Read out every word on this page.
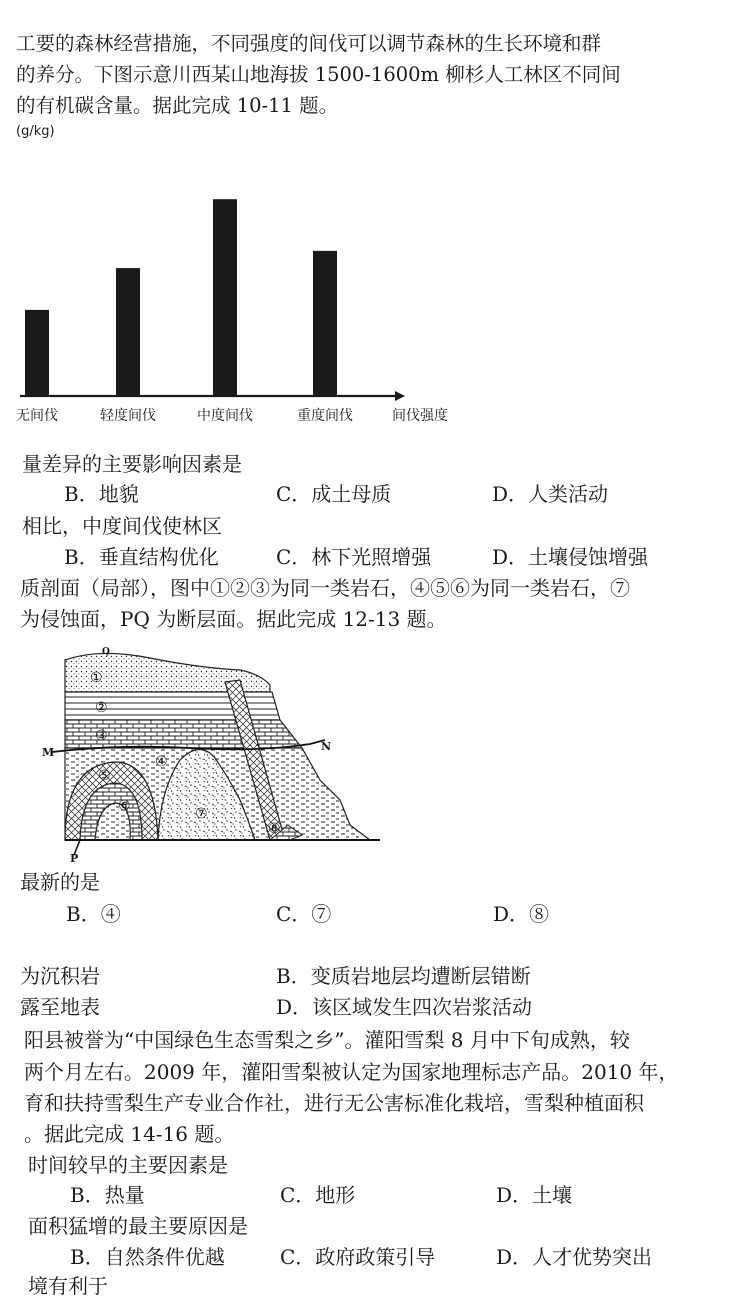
工要的森林经营措施，不同强度的间伐可以调节森林的生长环境和群
的养分。下图示意川西某山地海拔 1500-1600m 柳杉人工林区不同间
的有机碳含量。据此完成 10-11 题。
无间伐	轻度间伐	中度间伐	重度间伐	间伐强度
(g/kg)
量差异的主要影响因素是
B．地貌	C．成土母质	D．人类活动
相比，中度间伐使林区
B．垂直结构优化	C．林下光照增强	D．土壤侵蚀增强
质剖面（局部），图中①②③为同一类岩石，④⑤⑥为同一类岩石，⑦
为侵蚀面，PQ 为断层面。据此完成 12-13 题。
M	N
P
Q
①
②
③
④
⑤
⑥	⑦
⑧
最新的是
B．④	C．⑦	D．⑧
为沉积岩	B．变质岩地层均遭断层错断
露至地表	D．该区域发生四次岩浆活动
阳县被誉为“中国绿色生态雪梨之乡”。灌阳雪梨 8 月中下旬成熟，较
两个月左右。2009 年，灌阳雪梨被认定为国家地理标志产品。2010 年，
育和扶持雪梨生产专业合作社，进行无公害标准化栽培，雪梨种植面积
。据此完成 14-16 题。
时间较早的主要因素是
B．热量	C．地形	D．土壤
面积猛增的最主要原因是
B．自然条件优越	C．政府政策引导	D．人才优势突出
境有利于
